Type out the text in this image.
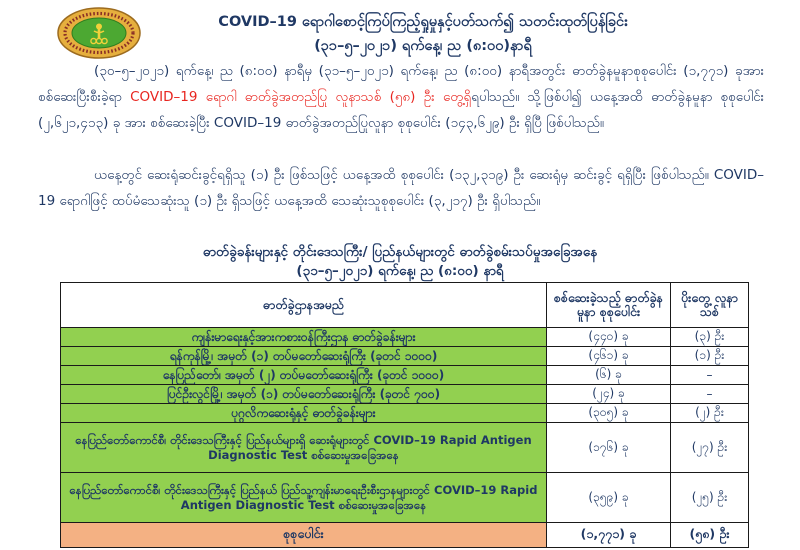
COVID–19 ရောဂါစောင့်ကြပ်ကြည့်ရှုမှုနှင့်ပတ်သက်၍ သတင်းထုတ်ပြန်ခြင်း
(၃၁–၅–၂၀၂၁) ရက်နေ့၊ ည (၈:၀၀)နာရီ

(၃၀–၅–၂၀၂၁) ရက်နေ့၊ ည (၈:၀၀) နာရီမှ (၃၁–၅–၂၀၂၁) ရက်နေ့၊ ည (၈:၀၀) နာရီအတွင်း ဓာတ်ခွဲနမူနာစုစုပေါင်း (၁,၇၇၁) ခုအား စစ်ဆေးပြီးစီးခဲ့ရာ COVID–19 ရောဂါ ဓာတ်ခွဲအတည်ပြု လူနာသစ် (၅၈) ဦး တွေ့ရှိရပါသည်။ သို့ဖြစ်ပါ၍ ယနေ့အထိ ဓာတ်ခွဲနမူနာ စုစုပေါင်း (၂,၆၂၁,၄၁၃) ခု အား စစ်ဆေးခဲ့ပြီး COVID–19 ဓာတ်ခွဲအတည်ပြုလူနာ စုစုပေါင်း (၁၄၃,၆၂၉) ဦး ရှိပြီ ဖြစ်ပါသည်။

ယနေ့တွင် ဆေးရုံဆင်းခွင့်ရရှိသူ (၁) ဦး ဖြစ်သဖြင့် ယနေ့အထိ စုစုပေါင်း (၁၃၂,၃၁၉) ဦး ဆေးရုံမှ ဆင်းခွင့် ရရှိပြီး ဖြစ်ပါသည်။ COVID–19 ရောဂါဖြင့် ထပ်မံသေဆုံးသူ (၁) ဦး ရှိသဖြင့် ယနေ့အထိ သေဆုံးသူစုစုပေါင်း (၃,၂၁၇) ဦး ရှိပါသည်။

ဓာတ်ခွဲခန်းများနှင့် တိုင်းဒေသကြီး/ ပြည်နယ်များတွင် ဓာတ်ခွဲစမ်းသပ်မှုအခြေအနေ
(၃၁–၅–၂၀၂၁) ရက်နေ့၊ ည (၈:၀၀) နာရီ
ဓာတ်ခွဲဌာနအမည်	စစ်ဆေးခဲ့သည့် ဓာတ်ခွဲနမူနာ စုစုပေါင်း	ပိုးတွေ့ လူနာသစ်
ကျန်းမာရေးနှင့်အားကစားဝန်ကြီးဌာန ဓာတ်ခွဲခန်းများ	(၄၄၀) ခု	(၃) ဦး
ရန်ကုန်မြို့၊ အမှတ် (၁) တပ်မတော်ဆေးရုံကြီး (ခုတင် ၁၀၀၀)	(၄၆၁) ခု	(၁) ဦး
နေပြည်တော်၊ အမှတ် (၂) တပ်မတော်ဆေးရုံကြီး (ခုတင် ၁၀၀၀)	(၆) ခု	–
ပြင်ဦးလွင်မြို့၊ အမှတ် (၁) တပ်မတော်ဆေးရုံကြီး (ခုတင် ၇၀၀)	(၂၄) ခု	–
ပုဂ္ဂလိကဆေးရုံနှင့် ဓာတ်ခွဲခန်းများ	(၃၀၅) ခု	(၂) ဦး
နေပြည်တော်ကောင်စီ၊ တိုင်းဒေသကြီးနှင့် ပြည်နယ်များရှိ ဆေးရုံများတွင် COVID–19 Rapid Antigen Diagnostic Test စစ်ဆေးမှုအခြေအနေ	(၁၇၆) ခု	(၂၇) ဦး
နေပြည်တော်ကောင်စီ၊ တိုင်းဒေသကြီးနှင့် ပြည်နယ် ပြည်သူ့ကျန်းမာရေးဦးစီးဌာနများတွင် COVID–19 Rapid Antigen Diagnostic Test စစ်ဆေးမှုအခြေအနေ	(၃၅၉) ခု	(၂၅) ဦး
စုစုပေါင်း	(၁,၇၇၁) ခု	(၅၈) ဦး
